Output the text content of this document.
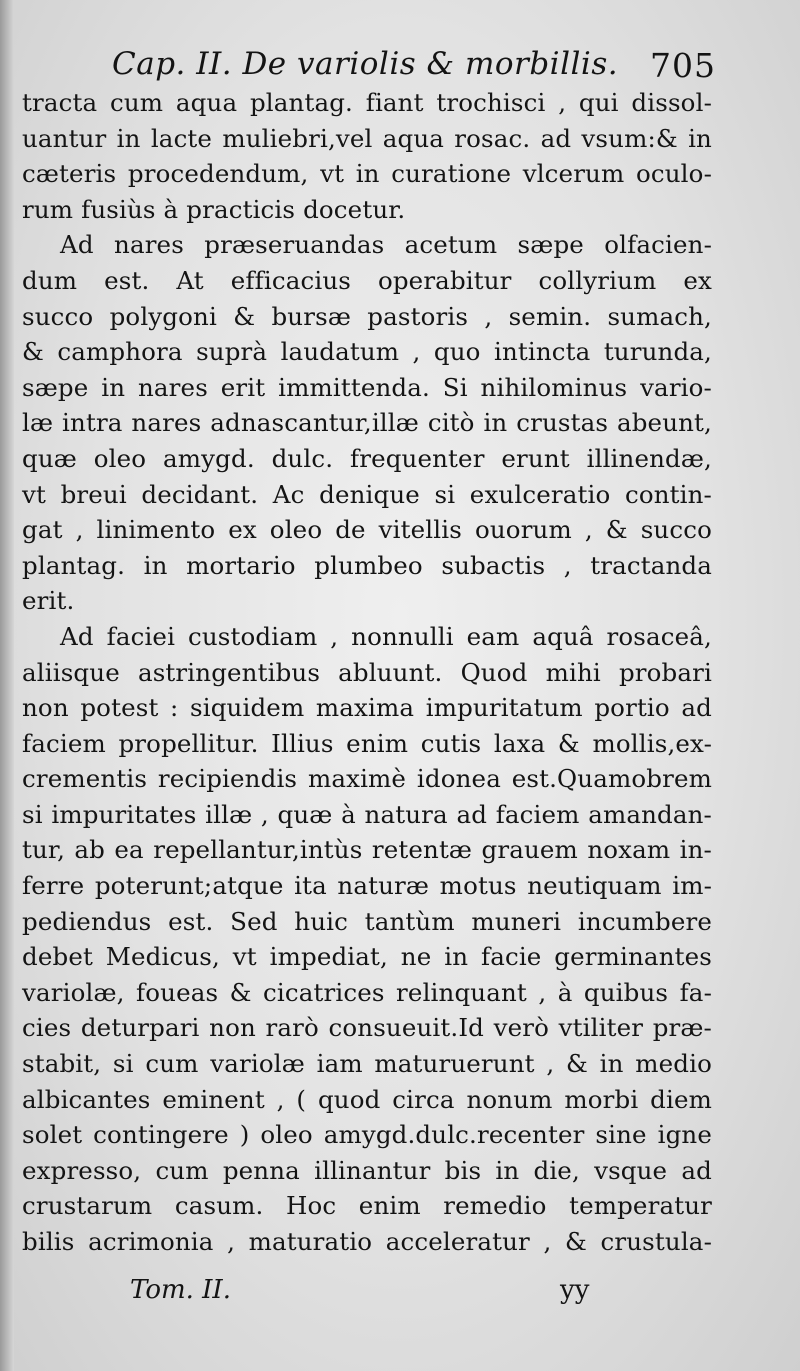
Cap. II. De variolis & morbillis. 705
tracta cum aqua plantag. fiant trochisci , qui dissol-
uantur in lacte muliebri,vel aqua rosac. ad vsum:& in
cæteris procedendum, vt in curatione vlcerum oculo-
rum fusiùs à practicis docetur.
Ad nares præseruandas acetum sæpe olfacien-
dum est. At efficacius operabitur collyrium ex
succo polygoni & bursæ pastoris , semin. sumach,
& camphora suprà laudatum , quo intincta turunda,
sæpe in nares erit immittenda. Si nihilominus vario-
læ intra nares adnascantur,illæ citò in crustas abeunt,
quæ oleo amygd. dulc. frequenter erunt illinendæ,
vt breui decidant. Ac denique si exulceratio contin-
gat , linimento ex oleo de vitellis ouorum , & succo
plantag. in mortario plumbeo subactis , tractanda
erit.
Ad faciei custodiam , nonnulli eam aquâ rosaceâ,
aliisque astringentibus abluunt. Quod mihi probari
non potest : siquidem maxima impuritatum portio ad
faciem propellitur. Illius enim cutis laxa & mollis,ex-
crementis recipiendis maximè idonea est.Quamobrem
si impuritates illæ , quæ à natura ad faciem amandan-
tur, ab ea repellantur,intùs retentæ grauem noxam in-
ferre poterunt;atque ita naturæ motus neutiquam im-
pediendus est. Sed huic tantùm muneri incumbere
debet Medicus, vt impediat, ne in facie germinantes
variolæ, foueas & cicatrices relinquant , à quibus fa-
cies deturpari non rarò consueuit.Id verò vtiliter præ-
stabit, si cum variolæ iam maturuerunt , & in medio
albicantes eminent , ( quod circa nonum morbi diem
solet contingere ) oleo amygd.dulc.recenter sine igne
expresso, cum penna illinantur bis in die, vsque ad
crustarum casum. Hoc enim remedio temperatur
bilis acrimonia , maturatio acceleratur , & crustula-
Tom. II.	yy
